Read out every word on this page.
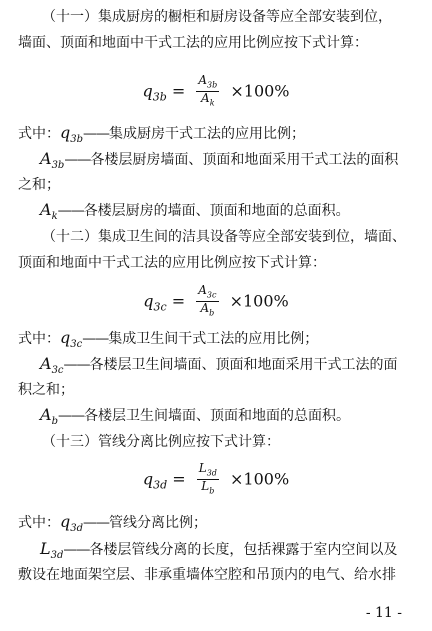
（十一）集成厨房的橱柜和厨房设备等应全部安装到位，
墙面、顶面和地面中干式工法的应用比例应按下式计算：
$q_{3b} = \frac{A_{3b}}{A_k} \times 100\%$
式中：$q_{3b}——$集成厨房干式工法的应用比例；
$A_{3b}——$各楼层厨房墙面、顶面和地面采用干式工法的面积
之和；
$A_k——$各楼层厨房的墙面、顶面和地面的总面积。
（十二）集成卫生间的洁具设备等应全部安装到位，墙面、
顶面和地面中干式工法的应用比例应按下式计算：
$q_{3c} = \frac{A_{3c}}{A_b} \times 100\%$
式中：$q_{3c}——$集成卫生间干式工法的应用比例；
$A_{3c}——$各楼层卫生间墙面、顶面和地面采用干式工法的面
积之和；
$A_b——$各楼层卫生间墙面、顶面和地面的总面积。
（十三）管线分离比例应按下式计算：
$q_{3d} = \frac{L_{3d}}{L_b} \times 100\%$
式中：$q_{3d}——$管线分离比例；
$L_{3d}——$各楼层管线分离的长度，包括裸露于室内空间以及
敷设在地面架空层、非承重墙体空腔和吊顶内的电气、给水排
- 11 -
